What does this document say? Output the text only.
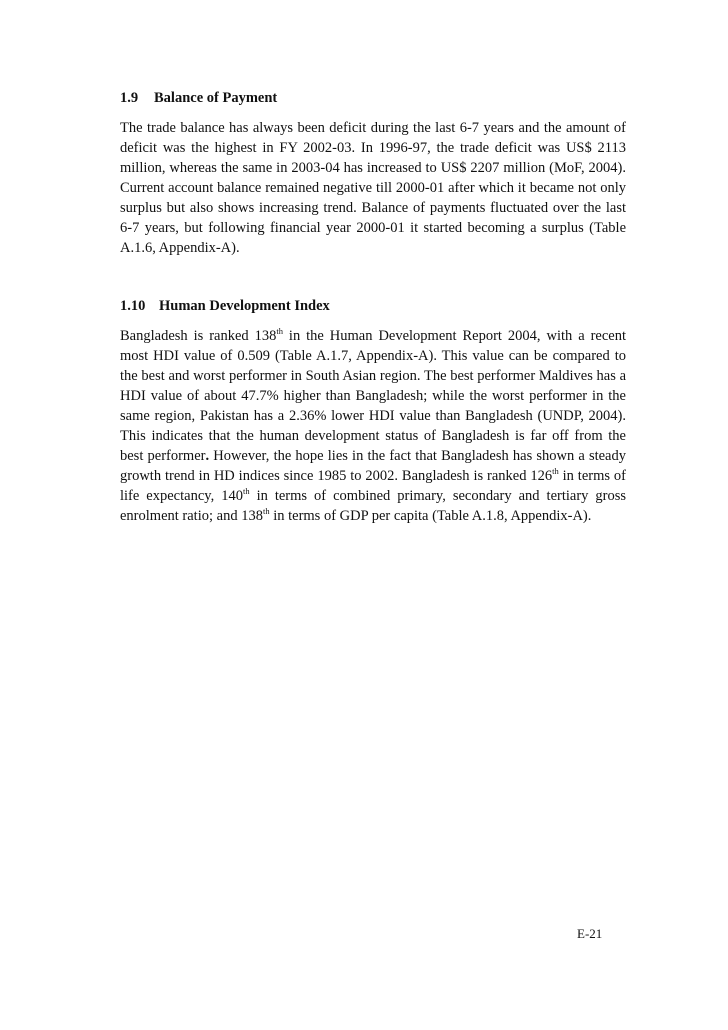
1.9 Balance of Payment

The trade balance has always been deficit during the last 6-7 years and the amount of deficit was the highest in FY 2002-03. In 1996-97, the trade deficit was US$ 2113 million, whereas the same in 2003-04 has increased to US$ 2207 million (MoF, 2004). Current account balance remained negative till 2000-01 after which it became not only surplus but also shows increasing trend. Balance of payments fluctuated over the last 6-7 years, but following financial year 2000-01 it started becoming a surplus (Table A.1.6, Appendix-A).

1.10 Human Development Index

Bangladesh is ranked 138th in the Human Development Report 2004, with a recent most HDI value of 0.509 (Table A.1.7, Appendix-A). This value can be compared to the best and worst performer in South Asian region. The best performer Maldives has a HDI value of about 47.7% higher than Bangladesh; while the worst performer in the same region, Pakistan has a 2.36% lower HDI value than Bangladesh (UNDP, 2004). This indicates that the human development status of Bangladesh is far off from the best performer. However, the hope lies in the fact that Bangladesh has shown a steady growth trend in HD indices since 1985 to 2002. Bangladesh is ranked 126th in terms of life expectancy, 140th in terms of combined primary, secondary and tertiary gross enrolment ratio; and 138th in terms of GDP per capita (Table A.1.8, Appendix-A).

E-21
